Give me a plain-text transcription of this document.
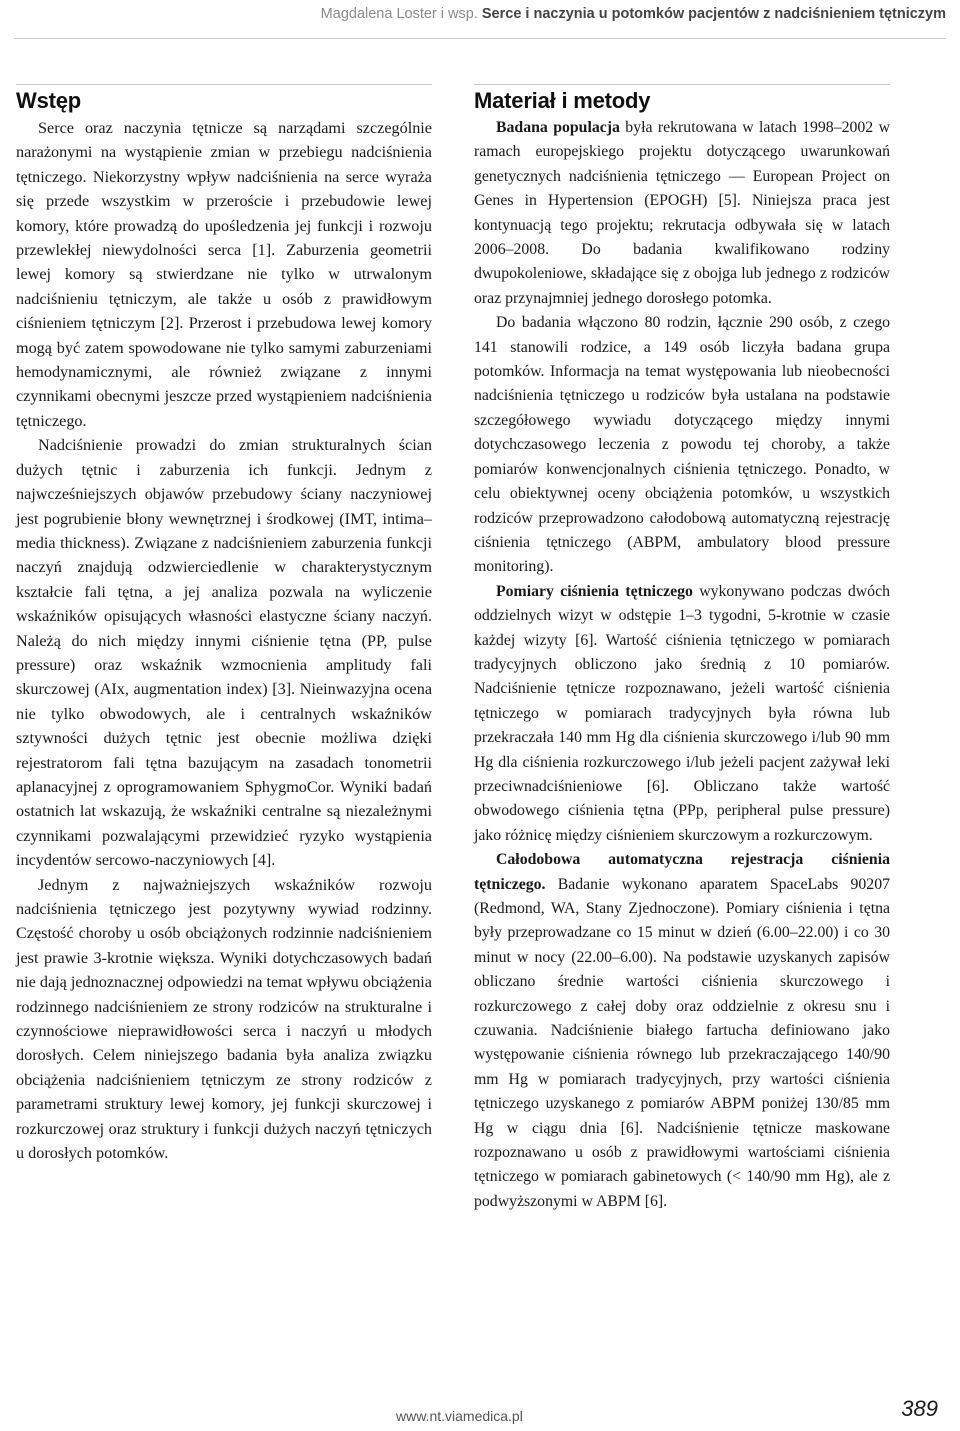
Magdalena Loster i wsp. Serce i naczynia u potomków pacjentów z nadciśnieniem tętniczym
Wstęp

Serce oraz naczynia tętnicze są narządami szczególnie narażonymi na wystąpienie zmian w przebiegu nadciśnienia tętniczego. Niekorzystny wpływ nadciśnienia na serce wyraża się przede wszystkim w przeroście i przebudowie lewej komory, które prowadzą do upośledzenia jej funkcji i rozwoju przewlekłej niewydolności serca [1]. Zaburzenia geometrii lewej komory są stwierdzane nie tylko w utrwalonym nadciśnieniu tętniczym, ale także u osób z prawidłowym ciśnieniem tętniczym [2]. Przerost i przebudowa lewej komory mogą być zatem spowodowane nie tylko samymi zaburzeniami hemodynamicznymi, ale również związane z innymi czynnikami obecnymi jeszcze przed wystąpieniem nadciśnienia tętniczego.

Nadciśnienie prowadzi do zmian strukturalnych ścian dużych tętnic i zaburzenia ich funkcji. Jednym z najwcześniejszych objawów przebudowy ściany naczyniowej jest pogrubienie błony wewnętrznej i środkowej (IMT, intima–media thickness). Związane z nadciśnieniem zaburzenia funkcji naczyń znajdują odzwierciedlenie w charakterystycznym kształcie fali tętna, a jej analiza pozwala na wyliczenie wskaźników opisujących własności elastyczne ściany naczyń. Należą do nich między innymi ciśnienie tętna (PP, pulse pressure) oraz wskaźnik wzmocnienia amplitudy fali skurczowej (AIx, augmentation index) [3]. Nieinwazyjna ocena nie tylko obwodowych, ale i centralnych wskaźników sztywności dużych tętnic jest obecnie możliwa dzięki rejestratorom fali tętna bazującym na zasadach tonometrii aplanacyjnej z oprogramowaniem SphygmoCor. Wyniki badań ostatnich lat wskazują, że wskaźniki centralne są niezależnymi czynnikami pozwalającymi przewidzieć ryzyko wystąpienia incydentów sercowo-naczyniowych [4].

Jednym z najważniejszych wskaźników rozwoju nadciśnienia tętniczego jest pozytywny wywiad rodzinny. Częstość choroby u osób obciążonych rodzinnie nadciśnieniem jest prawie 3-krotnie większa. Wyniki dotychczasowych badań nie dają jednoznacznej odpowiedzi na temat wpływu obciążenia rodzinnego nadciśnieniem ze strony rodziców na strukturalne i czynnościowe nieprawidłowości serca i naczyń u młodych dorosłych. Celem niniejszego badania była analiza związku obciążenia nadciśnieniem tętniczym ze strony rodziców z parametrami struktury lewej komory, jej funkcji skurczowej i rozkurczowej oraz struktury i funkcji dużych naczyń tętniczych u dorosłych potomków.

Materiał i metody

Badana populacja była rekrutowana w latach 1998–2002 w ramach europejskiego projektu dotyczącego uwarunkowań genetycznych nadciśnienia tętniczego — European Project on Genes in Hypertension (EPOGH) [5]. Niniejsza praca jest kontynuacją tego projektu; rekrutacja odbywała się w latach 2006–2008. Do badania kwalifikowano rodziny dwupokoleniowe, składające się z obojga lub jednego z rodziców oraz przynajmniej jednego dorosłego potomka.

Do badania włączono 80 rodzin, łącznie 290 osób, z czego 141 stanowili rodzice, a 149 osób liczyła badana grupa potomków. Informacja na temat występowania lub nieobecności nadciśnienia tętniczego u rodziców była ustalana na podstawie szczegółowego wywiadu dotyczącego między innymi dotychczasowego leczenia z powodu tej choroby, a także pomiarów konwencjonalnych ciśnienia tętniczego. Ponadto, w celu obiektywnej oceny obciążenia potomków, u wszystkich rodziców przeprowadzono całodobową automatyczną rejestrację ciśnienia tętniczego (ABPM, ambulatory blood pressure monitoring).

Pomiary ciśnienia tętniczego wykonywano podczas dwóch oddzielnych wizyt w odstępie 1–3 tygodni, 5-krotnie w czasie każdej wizyty [6]. Wartość ciśnienia tętniczego w pomiarach tradycyjnych obliczono jako średnią z 10 pomiarów. Nadciśnienie tętnicze rozpoznawano, jeżeli wartość ciśnienia tętniczego w pomiarach tradycyjnych była równa lub przekraczała 140 mm Hg dla ciśnienia skurczowego i/lub 90 mm Hg dla ciśnienia rozkurczowego i/lub jeżeli pacjent zażywał leki przeciwnadciśnieniowe [6]. Obliczano także wartość obwodowego ciśnienia tętna (PPp, peripheral pulse pressure) jako różnicę między ciśnieniem skurczowym a rozkurczowym.

Całodobowa automatyczna rejestracja ciśnienia tętniczego. Badanie wykonano aparatem SpaceLabs 90207 (Redmond, WA, Stany Zjednoczone). Pomiary ciśnienia i tętna były przeprowadzane co 15 minut w dzień (6.00–22.00) i co 30 minut w nocy (22.00–6.00). Na podstawie uzyskanych zapisów obliczano średnie wartości ciśnienia skurczowego i rozkurczowego z całej doby oraz oddzielnie z okresu snu i czuwania. Nadciśnienie białego fartucha definiowano jako występowanie ciśnienia równego lub przekraczającego 140/90 mm Hg w pomiarach tradycyjnych, przy wartości ciśnienia tętniczego uzyskanego z pomiarów ABPM poniżej 130/85 mm Hg w ciągu dnia [6]. Nadciśnienie tętnicze maskowane rozpoznawano u osób z prawidłowymi wartościami ciśnienia tętniczego w pomiarach gabinetowych (< 140/90 mm Hg), ale z podwyższonymi w ABPM [6].

www.nt.viamedica.pl	389
